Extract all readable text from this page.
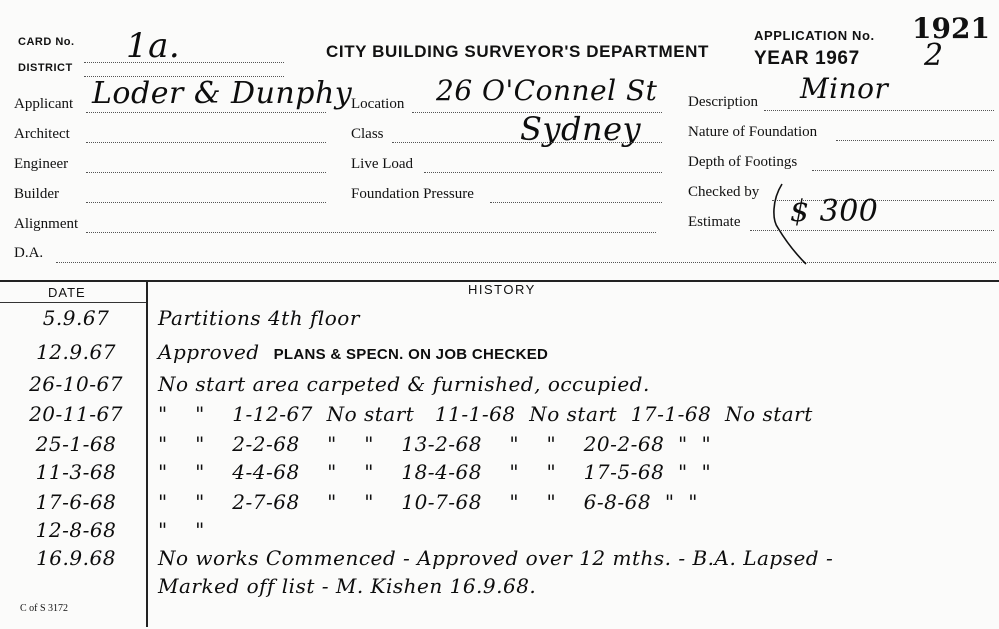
CARD No.
DISTRICT
1a.	CITY BUILDING SURVEYOR'S DEPARTMENT
APPLICATION No. 1921
YEAR 1967 2
Applicant Loder & Dunphy
Architect
Engineer
Builder
Alignment
D.A.
Location 26 O'Connel St
Sydney
Class
Live Load
Foundation Pressure
Description Minor
Nature of Foundation
Depth of Footings
Checked by
Estimate $ 300
DATE	HISTORY
5.9.67	Partitions 4th floor
12.9.67	Approved PLANS & SPECN. ON JOB CHECKED
26-10-67	No start area carpeted & furnished, occupied.
20-11-67	"    "    1-12-67  No start   11-1-68  No start  17-1-68  No start
25-1-68	"    "    2-2-68    "    "    13-2-68    "    "    20-2-68  "  "
11-3-68	"    "    4-4-68    "    "    18-4-68    "    "    17-5-68  "  "
17-6-68	"    "    2-7-68    "    "    10-7-68    "    "    6-8-68  "  "
12-8-68	"    "
16.9.68	No works Commenced - Approved over 12 mths. - B.A. Lapsed -
Marked off list - M. Kishen 16.9.68.
C of S 3172
